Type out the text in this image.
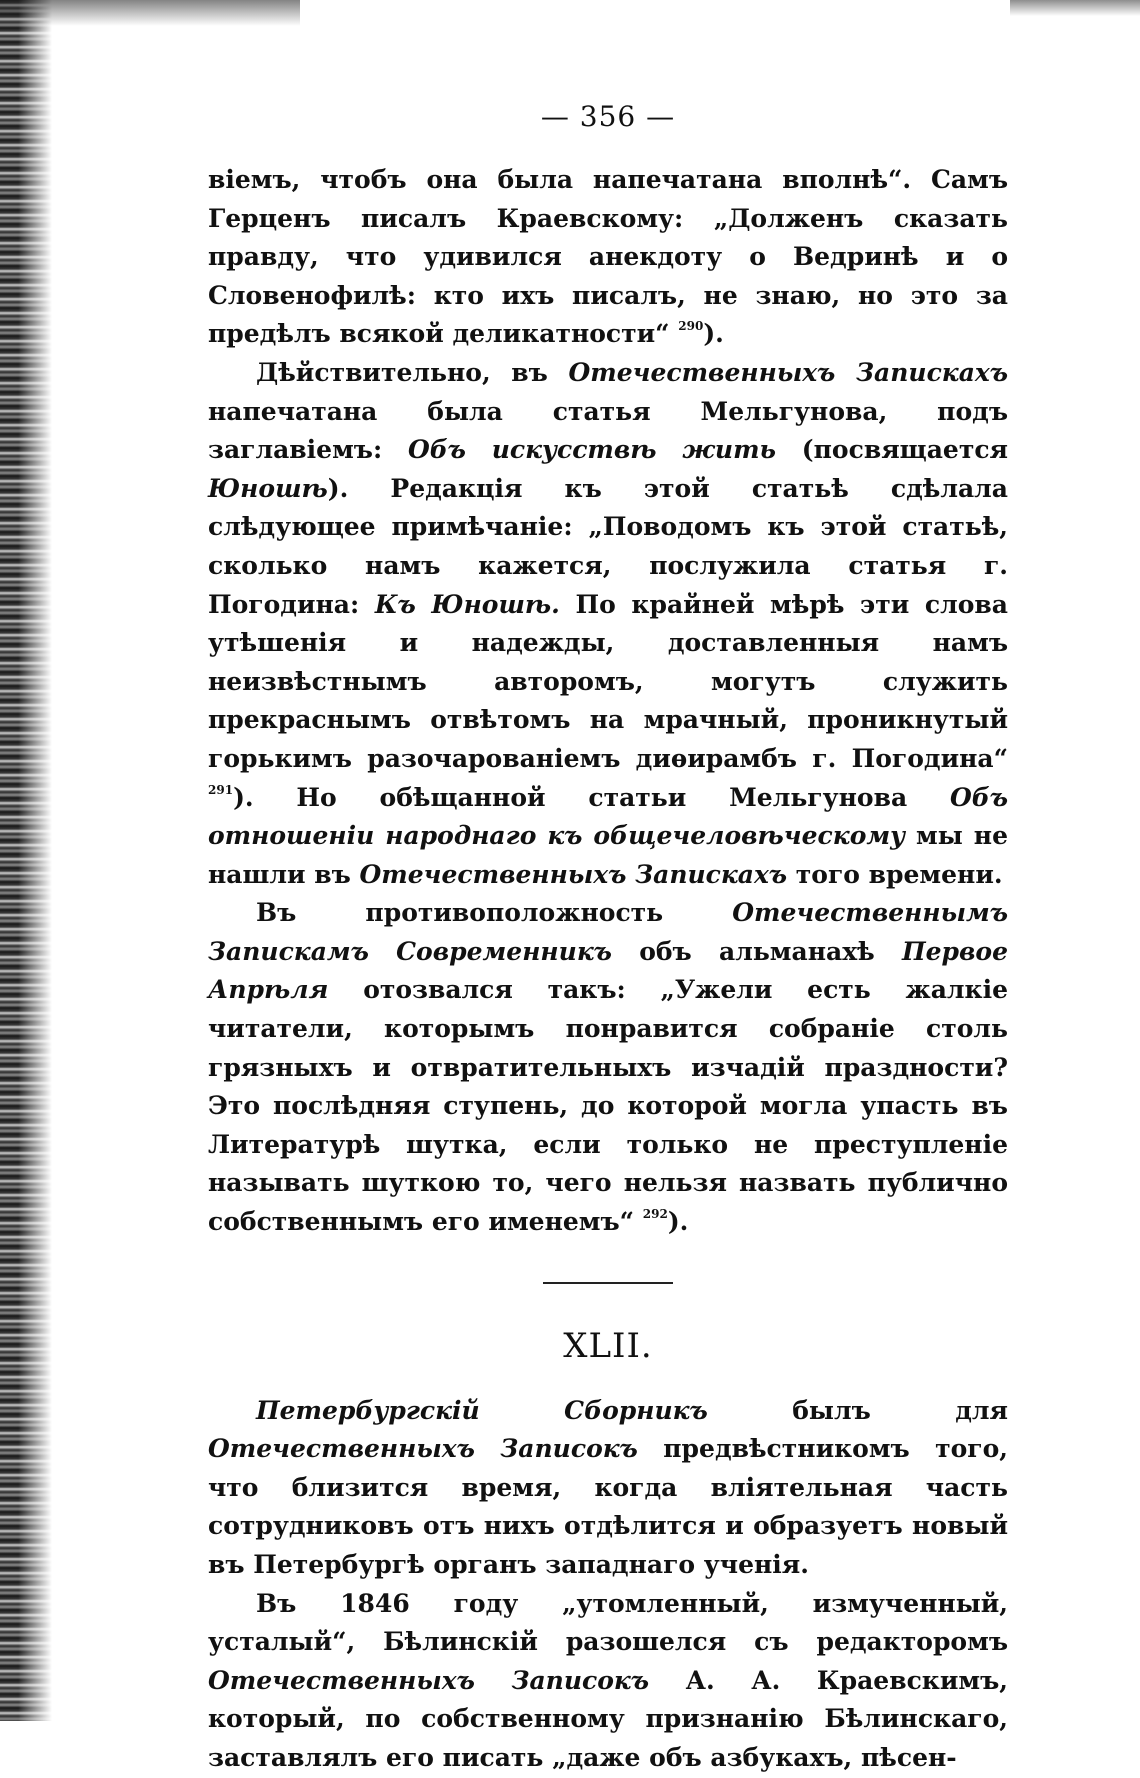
— 356 —

віемъ, чтобъ она была напечатана вполнѣ“. Самъ Герценъ писалъ Краевскому: „Долженъ сказать правду, что удивился анекдоту о Ведринѣ и о Словенофилѣ: кто ихъ писалъ, не знаю, но это за предѣлъ всякой деликатности“ $^{290}$).

Дѣйствительно, въ Отечественныхъ Запискахъ напечатана была статья Мельгунова, подъ заглавіемъ: Объ искусствѣ жить (посвящается Юношѣ). Редакція къ этой статьѣ сдѣлала слѣдующее примѣчаніе: „Поводомъ къ этой статьѣ, сколько намъ кажется, послужила статья г. Погодина: Къ Юношѣ. По крайней мѣрѣ эти слова утѣшенія и надежды, доставленныя намъ неизвѣстнымъ авторомъ, могутъ служить прекраснымъ отвѣтомъ на мрачный, проникнутый горькимъ разочарованіемъ диѳирамбъ г. Погодина“ $^{291}$). Но обѣщанной статьи Мельгунова Объ отношеніи народнаго къ общечеловѣческому мы не нашли въ Отечественныхъ Запискахъ того времени.

Въ противоположность Отечественнымъ Запискамъ Современникъ объ альманахѣ Первое Апрѣля отозвался такъ: „Ужели есть жалкіе читатели, которымъ понравится собраніе столь грязныхъ и отвратительныхъ изчадій праздности? Это послѣдняя ступень, до которой могла упасть въ Литературѣ шутка, если только не преступленіе называть шуткою то, чего нельзя назвать публично собственнымъ его именемъ“ $^{292}$).

XLII.

Петербургскій Сборникъ былъ для Отечественныхъ Записокъ предвѣстникомъ того, что близится время, когда вліятельная часть сотрудниковъ отъ нихъ отдѣлится и образуетъ новый въ Петербургѣ органъ западнаго ученія.

Въ 1846 году „утомленный, измученный, усталый“, Бѣлинскій разошелся съ редакторомъ Отечественныхъ Записокъ А. А. Краевскимъ, который, по собственному признанію Бѣлинскаго, заставлялъ его писать „даже объ азбукахъ, пѣсен-
